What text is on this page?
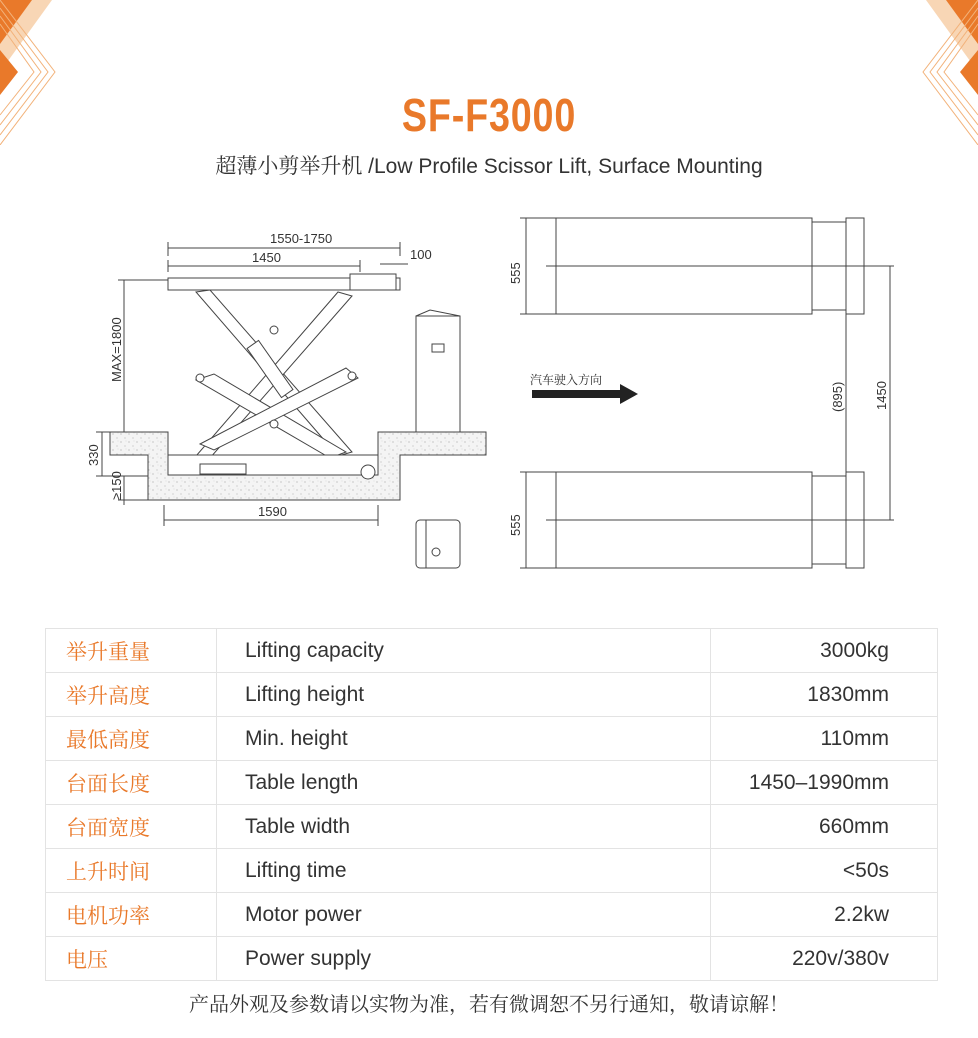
SF-F3000
超薄小剪举升机 /Low Profile Scissor Lift, Surface Mounting
1550-1750
1450	100
MAX=1800
330
≥150
1590
555
555
(895) 1450
汽车驶入方向
举升重量	Lifting capacity	3000kg
举升高度	Lifting height	1830mm
最低高度	Min. height	110mm
台面长度	Table length	1450–1990mm
台面宽度	Table width	660mm
上升时间	Lifting time	<50s
电机功率	Motor power	2.2kw
电压	Power supply	220v/380v
产品外观及参数请以实物为准，若有微调恕不另行通知，敬请谅解！
